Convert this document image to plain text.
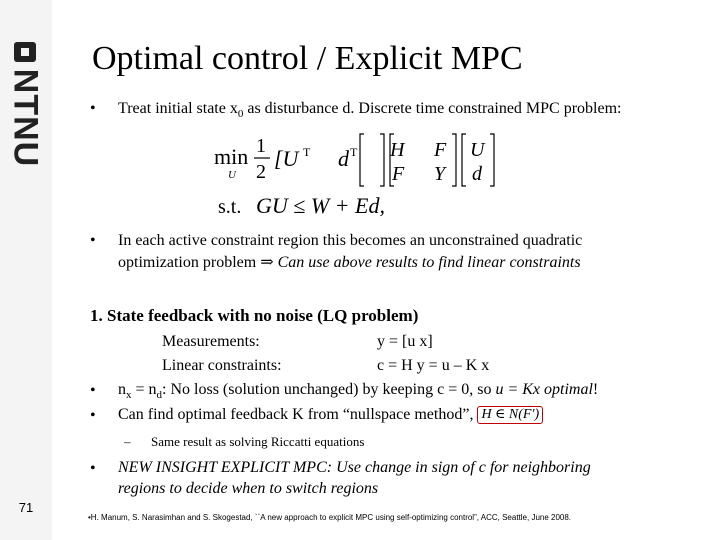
NTNU
71
Optimal control / Explicit MPC
• Treat initial state $x_0$ as disturbance d. Discrete time constrained MPC problem:
min
U
1
2
[U T d T H F
F Y
U
d
s.t. GU ≤ W + Ed,
• In each active constraint region this becomes an unconstrained quadratic
optimization problem ⇒ Can use above results to find linear constraints
1. State feedback with no noise (LQ problem)
Measurements:	y = [u x]
Linear constraints:	c = H y = u – K x
• $n_x = n_d$: No loss (solution unchanged) by keeping c = 0, so u = Kx optimal!
• Can find optimal feedback K from “nullspace method”, H ∈ N(F′)
– Same result as solving Riccatti equations
• NEW INSIGHT EXPLICIT MPC: Use change in sign of c for neighboring
regions to decide when to switch regions
•H. Manum, S. Narasimhan and S. Skogestad, ``A new approach to explicit MPC using self-optimizing control”, ACC, Seattle, June 2008.
